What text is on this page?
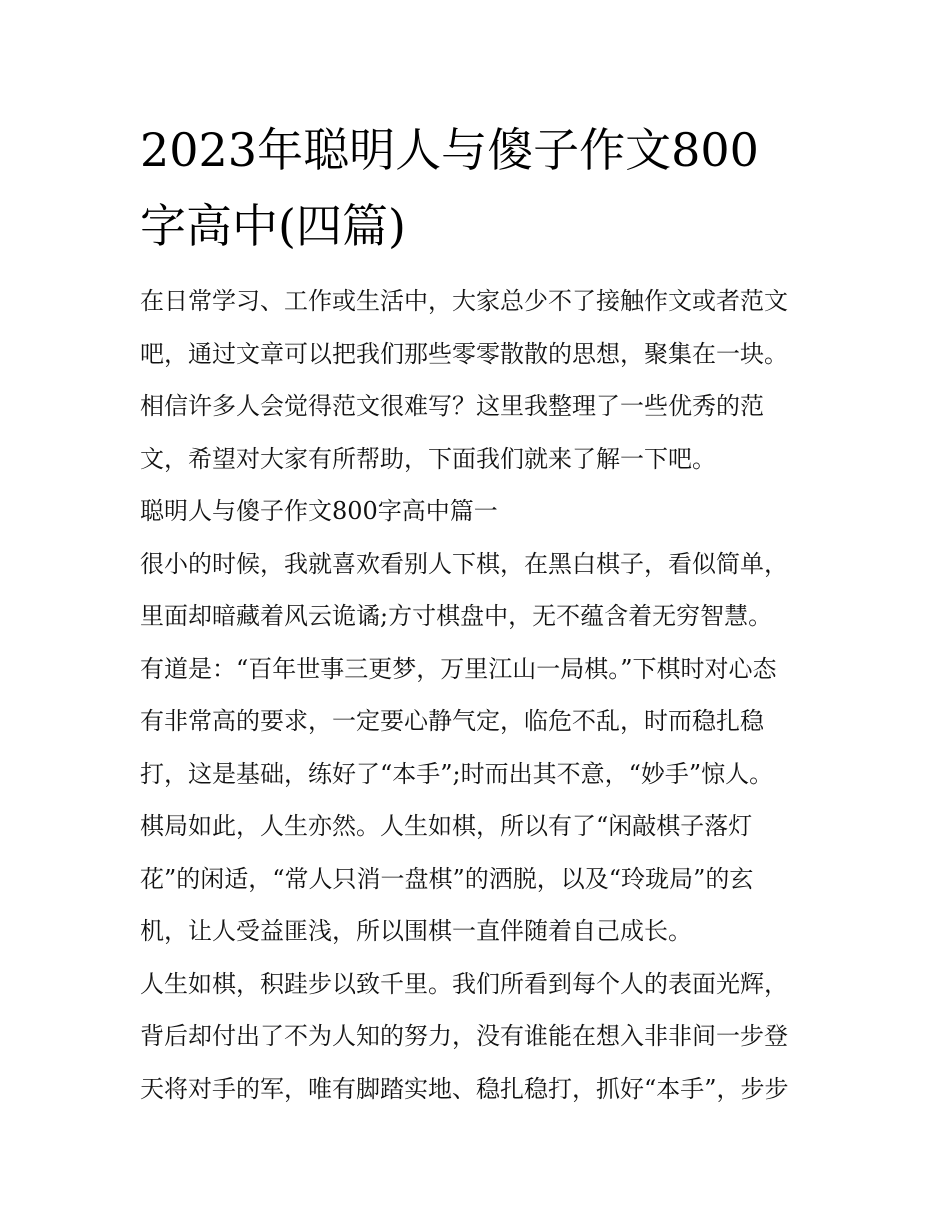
2023年聪明人与傻子作文800
字高中(四篇)
在日常学习、工作或生活中，大家总少不了接触作文或者范文
吧，通过文章可以把我们那些零零散散的思想，聚集在一块。
相信许多人会觉得范文很难写？这里我整理了一些优秀的范
文，希望对大家有所帮助，下面我们就来了解一下吧。
聪明人与傻子作文800字高中篇一
很小的时候，我就喜欢看别人下棋，在黑白棋子，看似简单，
里面却暗藏着风云诡谲;方寸棋盘中，无不蕴含着无穷智慧。
有道是：“百年世事三更梦，万里江山一局棋。”下棋时对心态
有非常高的要求，一定要心静气定，临危不乱，时而稳扎稳
打，这是基础，练好了“本手”;时而出其不意，“妙手”惊人。
棋局如此，人生亦然。人生如棋，所以有了“闲敲棋子落灯
花”的闲适，“常人只消一盘棋”的洒脱，以及“玲珑局”的玄
机，让人受益匪浅，所以围棋一直伴随着自己成长。
人生如棋，积跬步以致千里。我们所看到每个人的表面光辉，
背后却付出了不为人知的努力，没有谁能在想入非非间一步登
天将对手的军，唯有脚踏实地、稳扎稳打，抓好“本手”，步步
